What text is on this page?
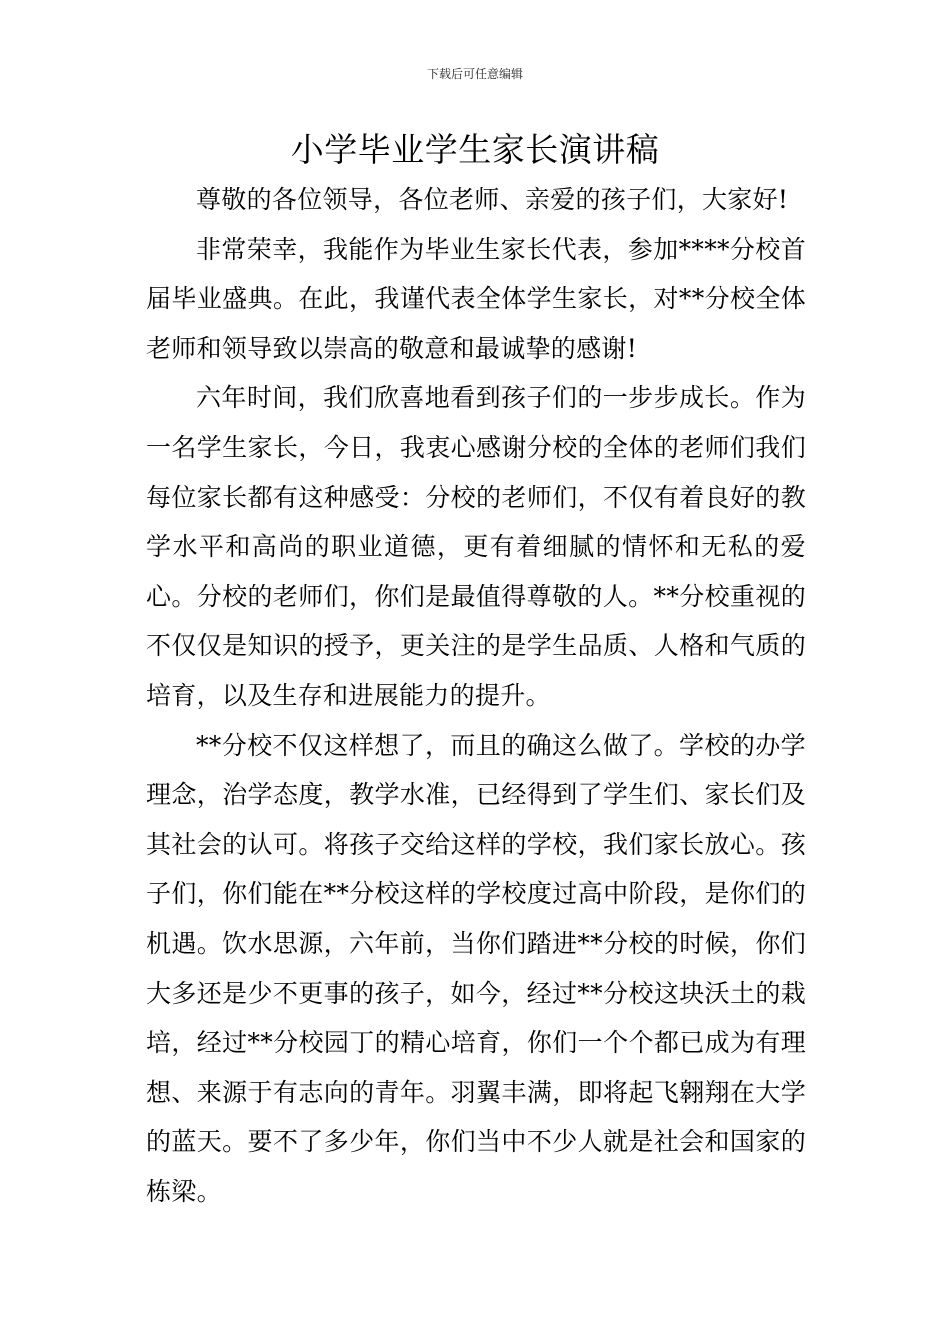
下载后可任意编辑
小学毕业学生家长演讲稿

尊敬的各位领导，各位老师、亲爱的孩子们，大家好!

非常荣幸，我能作为毕业生家长代表，参加****分校首届毕业盛典。在此，我谨代表全体学生家长，对**分校全体老师和领导致以崇高的敬意和最诚挚的感谢!

六年时间，我们欣喜地看到孩子们的一步步成长。作为一名学生家长，今日，我衷心感谢分校的全体的老师们我们每位家长都有这种感受：分校的老师们，不仅有着良好的教学水平和高尚的职业道德，更有着细腻的情怀和无私的爱心。分校的老师们，你们是最值得尊敬的人。**分校重视的不仅仅是知识的授予，更关注的是学生品质、人格和气质的培育，以及生存和进展能力的提升。

**分校不仅这样想了，而且的确这么做了。学校的办学理念，治学态度，教学水准，已经得到了学生们、家长们及其社会的认可。将孩子交给这样的学校，我们家长放心。孩子们，你们能在**分校这样的学校度过高中阶段，是你们的机遇。饮水思源，六年前，当你们踏进**分校的时候，你们大多还是少不更事的孩子，如今，经过**分校这块沃土的栽培，经过**分校园丁的精心培育，你们一个个都已成为有理想、来源于有志向的青年。羽翼丰满，即将起飞翱翔在大学的蓝天。要不了多少年，你们当中不少人就是社会和国家的栋梁。
